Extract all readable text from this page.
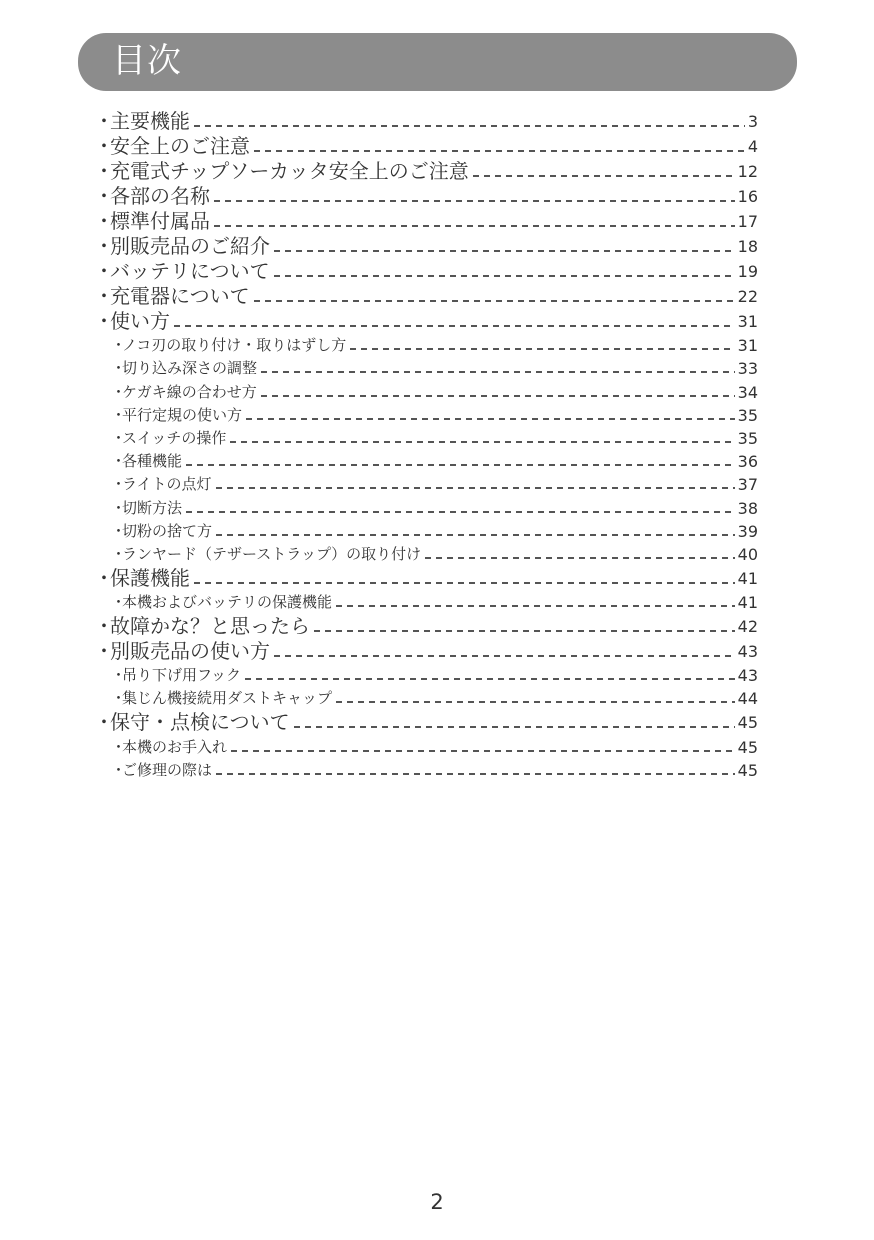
目次
・
主要機能	3
・
安全上のご注意	4
・
充電式チップソーカッタ安全上のご注意	12
・
各部の名称	16
・
標準付属品	17
・
別販売品のご紹介	18
・
バッテリについて	19
・
充電器について	22
・
使い方	31
・
ノコ刃の取り付け・取りはずし方	31
・
切り込み深さの調整	33
・
ケガキ線の合わせ方	34
・
平行定規の使い方	35
・
スイッチの操作	35
・
各種機能	36
・
ライトの点灯	37
・
切断方法	38
・
切粉の捨て方	39
・
ランヤード（テザーストラップ）の取り付け	40
・
保護機能	41
・
本機およびバッテリの保護機能	41
・
故障かな？と思ったら	42
・
別販売品の使い方	43
・
吊り下げ用フック	43
・
集じん機接続用ダストキャップ	44
・
保守・点検について	45
・
本機のお手入れ	45
・
ご修理の際は	45
2
